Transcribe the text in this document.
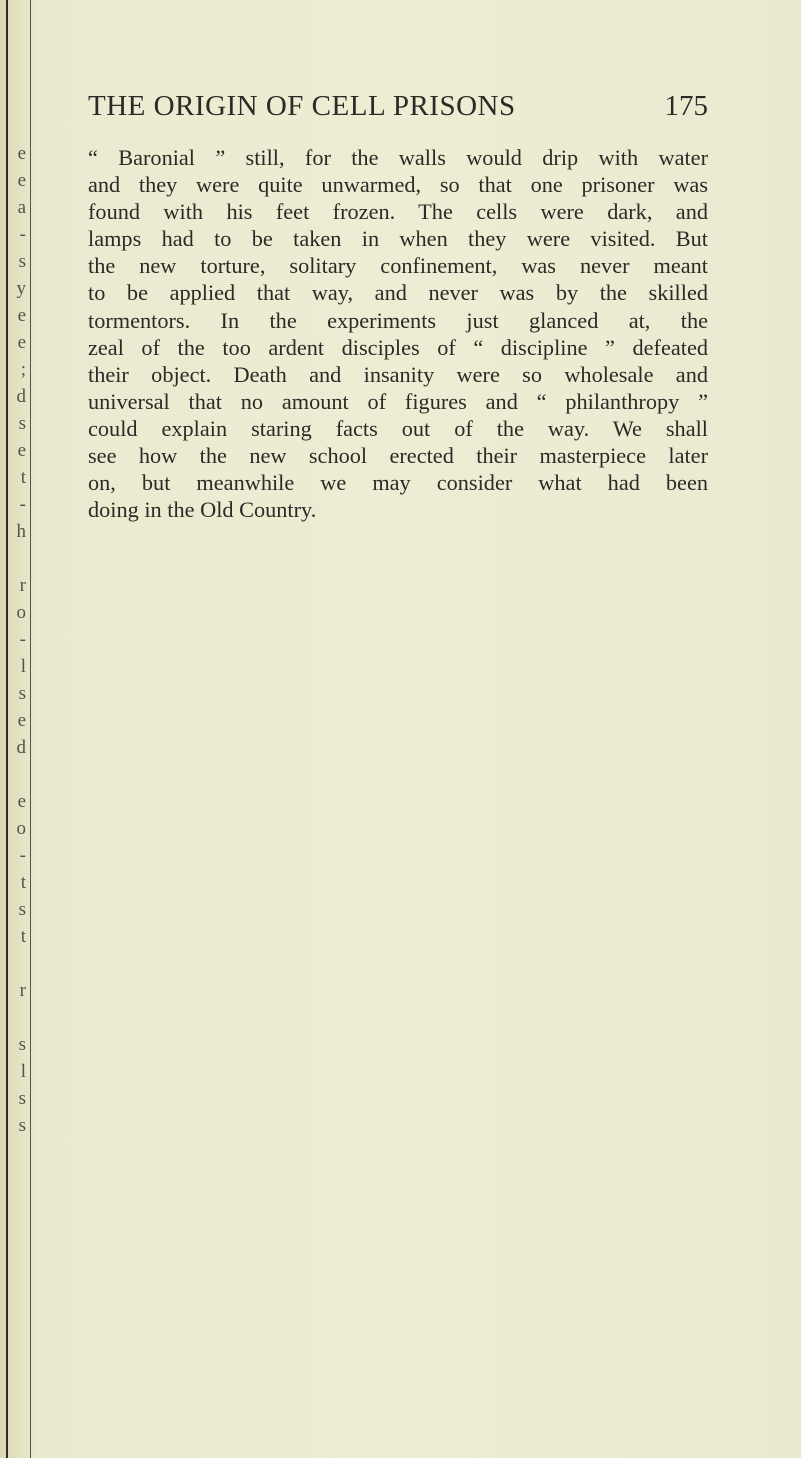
e
e
a
-
s
y
e
e
;
d
s
e
t
-
h

r
o
-
l
s
e
d

e
o
-
t
s
t

r

s
l
s
s
THE ORIGIN OF CELL PRISONS	175
“ Baronial ” still, for the walls would drip with water
and they were quite unwarmed, so that one prisoner was
found with his feet frozen. The cells were dark, and
lamps had to be taken in when they were visited. But
the new torture, solitary confinement, was never meant
to be applied that way, and never was by the skilled
tormentors. In the experiments just glanced at, the
zeal of the too ardent disciples of “ discipline ” defeated
their object. Death and insanity were so wholesale and
universal that no amount of figures and “ philanthropy ”
could explain staring facts out of the way. We shall
see how the new school erected their masterpiece later
on, but meanwhile we may consider what had been
doing in the Old Country.
